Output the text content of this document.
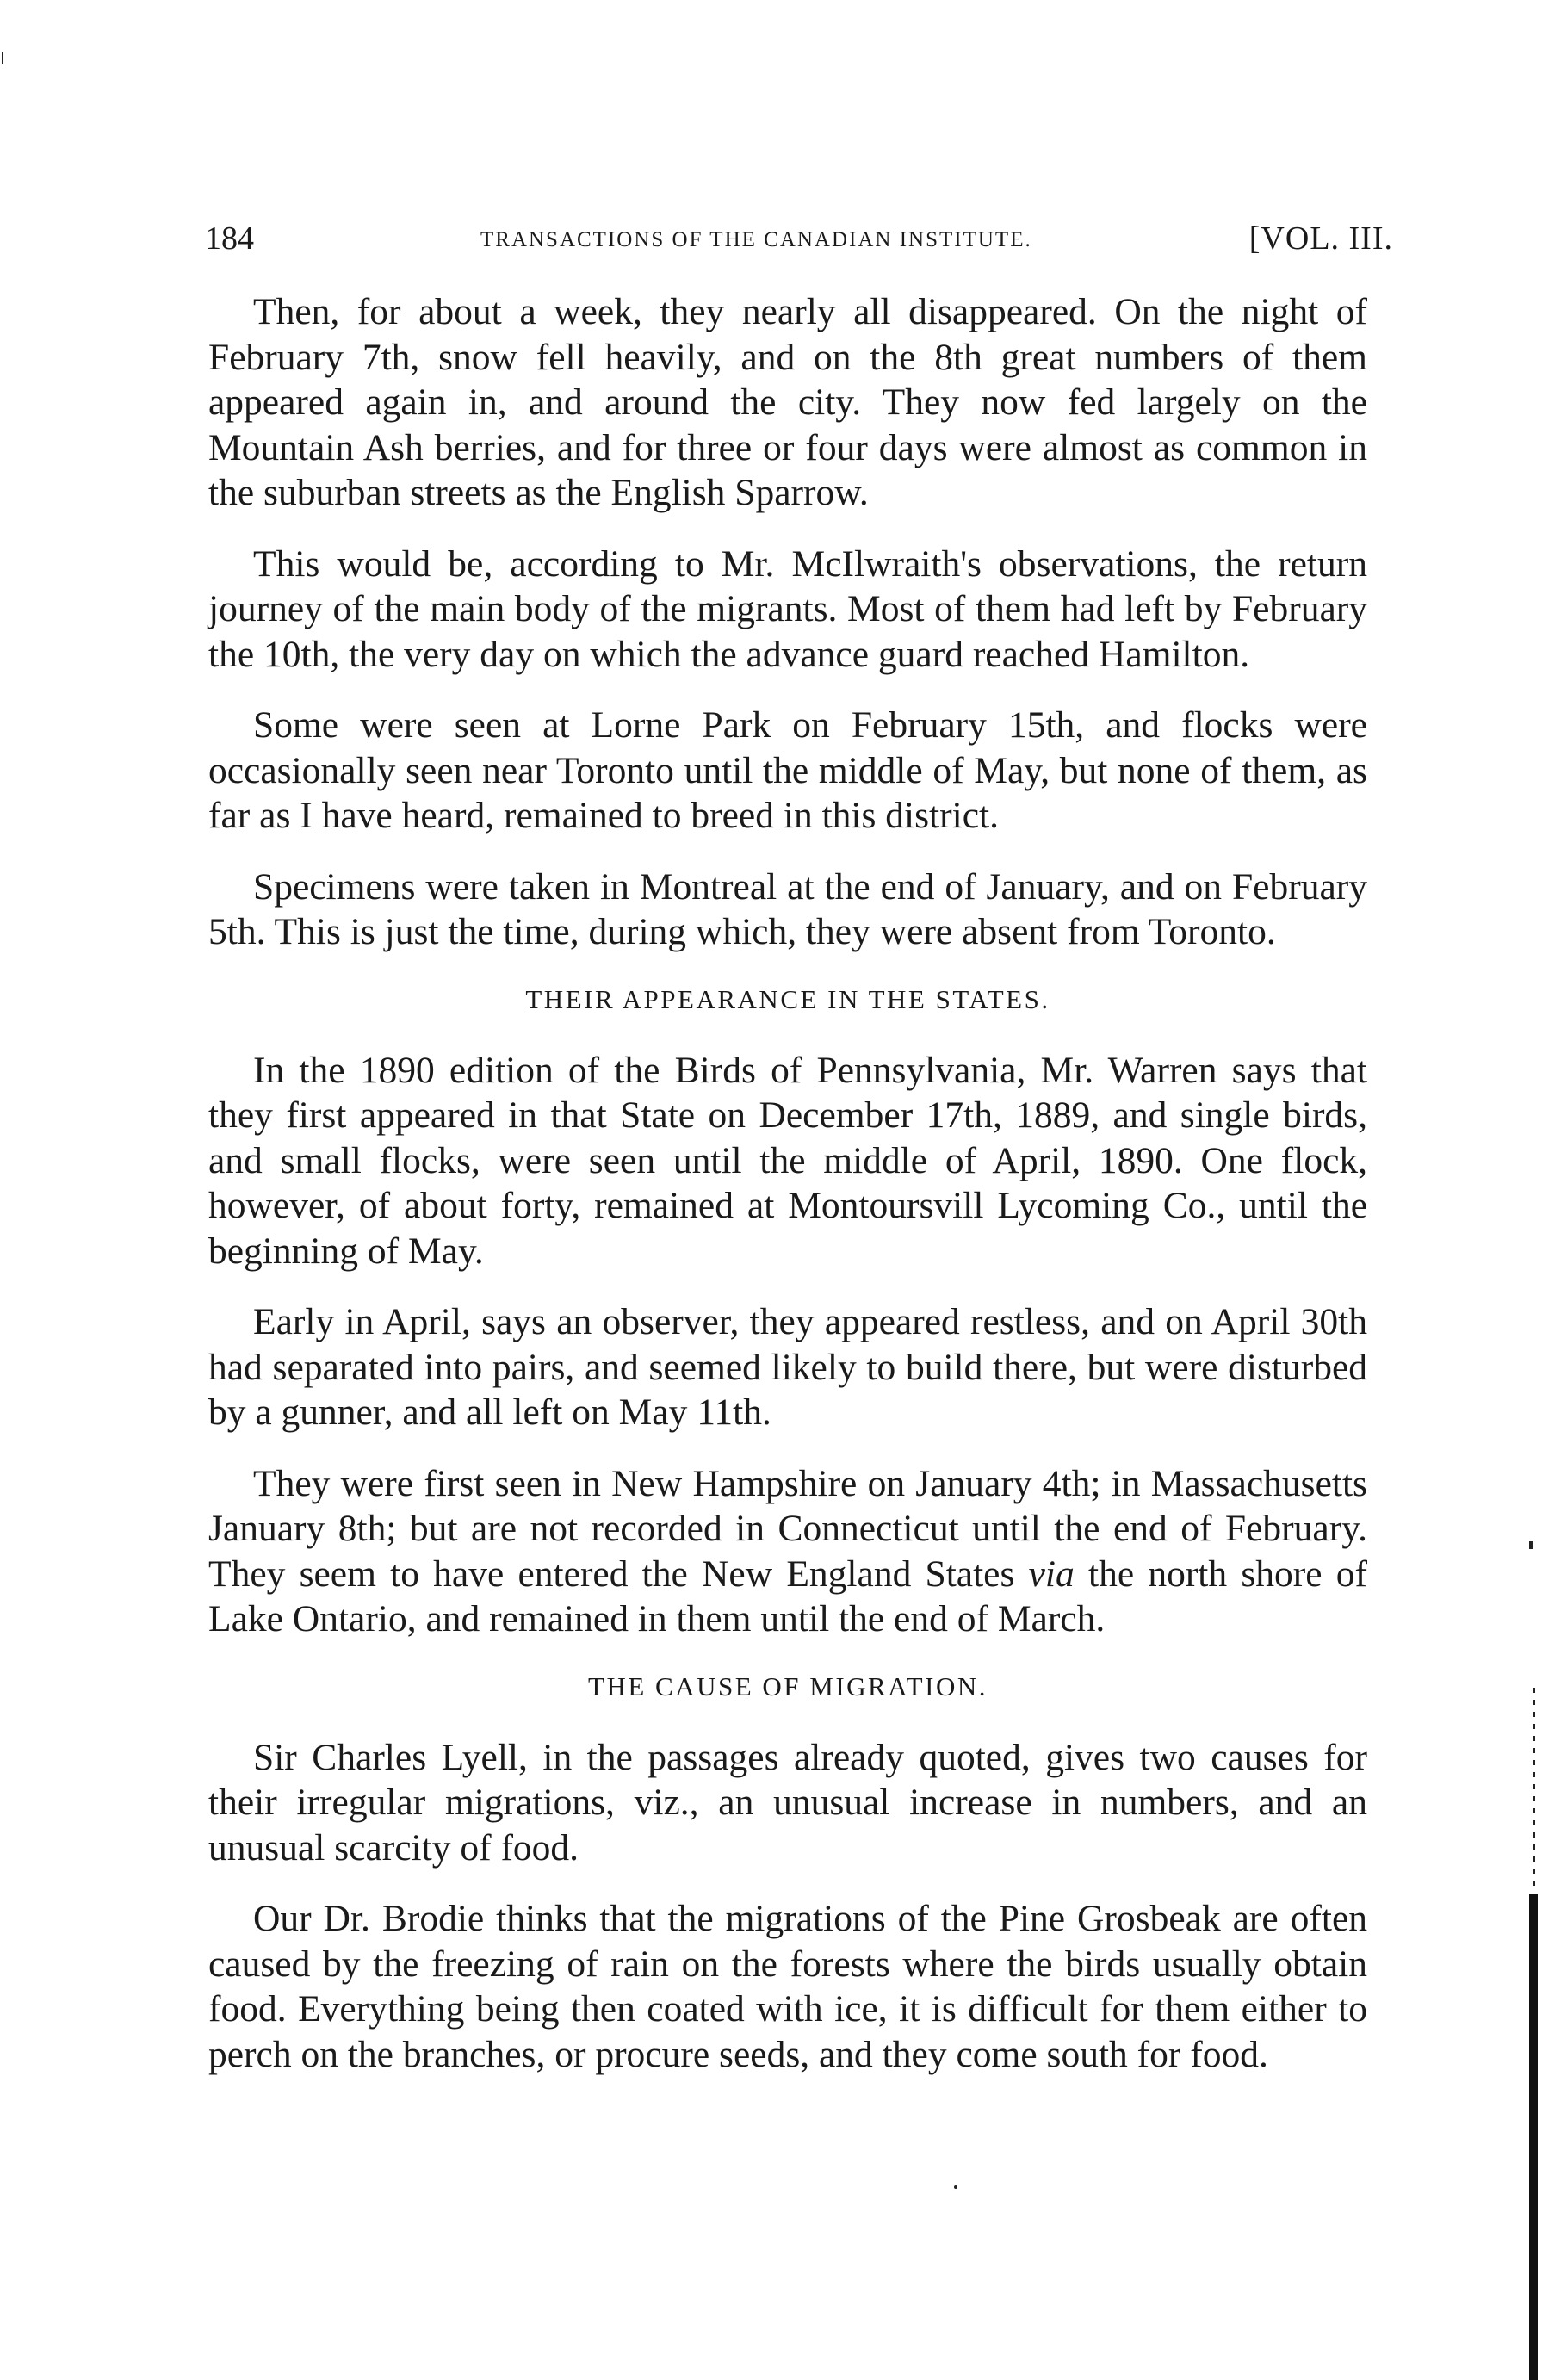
184	TRANSACTIONS OF THE CANADIAN INSTITUTE.	[VOL. III.

Then, for about a week, they nearly all disappeared. On the night of February 7th, snow fell heavily, and on the 8th great numbers of them appeared again in, and around the city. They now fed largely on the Mountain Ash berries, and for three or four days were almost as common in the suburban streets as the English Sparrow.

This would be, according to Mr. McIlwraith's observations, the return journey of the main body of the migrants. Most of them had left by February the 10th, the very day on which the advance guard reached Hamilton.

Some were seen at Lorne Park on February 15th, and flocks were occasionally seen near Toronto until the middle of May, but none of them, as far as I have heard, remained to breed in this district.

Specimens were taken in Montreal at the end of January, and on February 5th. This is just the time, during which, they were absent from Toronto.

THEIR APPEARANCE IN THE STATES.

In the 1890 edition of the Birds of Pennsylvania, Mr. Warren says that they first appeared in that State on December 17th, 1889, and single birds, and small flocks, were seen until the middle of April, 1890. One flock, however, of about forty, remained at Montoursvill Lycoming Co., until the beginning of May.

Early in April, says an observer, they appeared restless, and on April 30th had separated into pairs, and seemed likely to build there, but were disturbed by a gunner, and all left on May 11th.

They were first seen in New Hampshire on January 4th; in Massachusetts January 8th; but are not recorded in Connecticut until the end of February. They seem to have entered the New England States via the north shore of Lake Ontario, and remained in them until the end of March.

THE CAUSE OF MIGRATION.

Sir Charles Lyell, in the passages already quoted, gives two causes for their irregular migrations, viz., an unusual increase in numbers, and an unusual scarcity of food.

Our Dr. Brodie thinks that the migrations of the Pine Grosbeak are often caused by the freezing of rain on the forests where the birds usually obtain food. Everything being then coated with ice, it is difficult for them either to perch on the branches, or procure seeds, and they come south for food.
